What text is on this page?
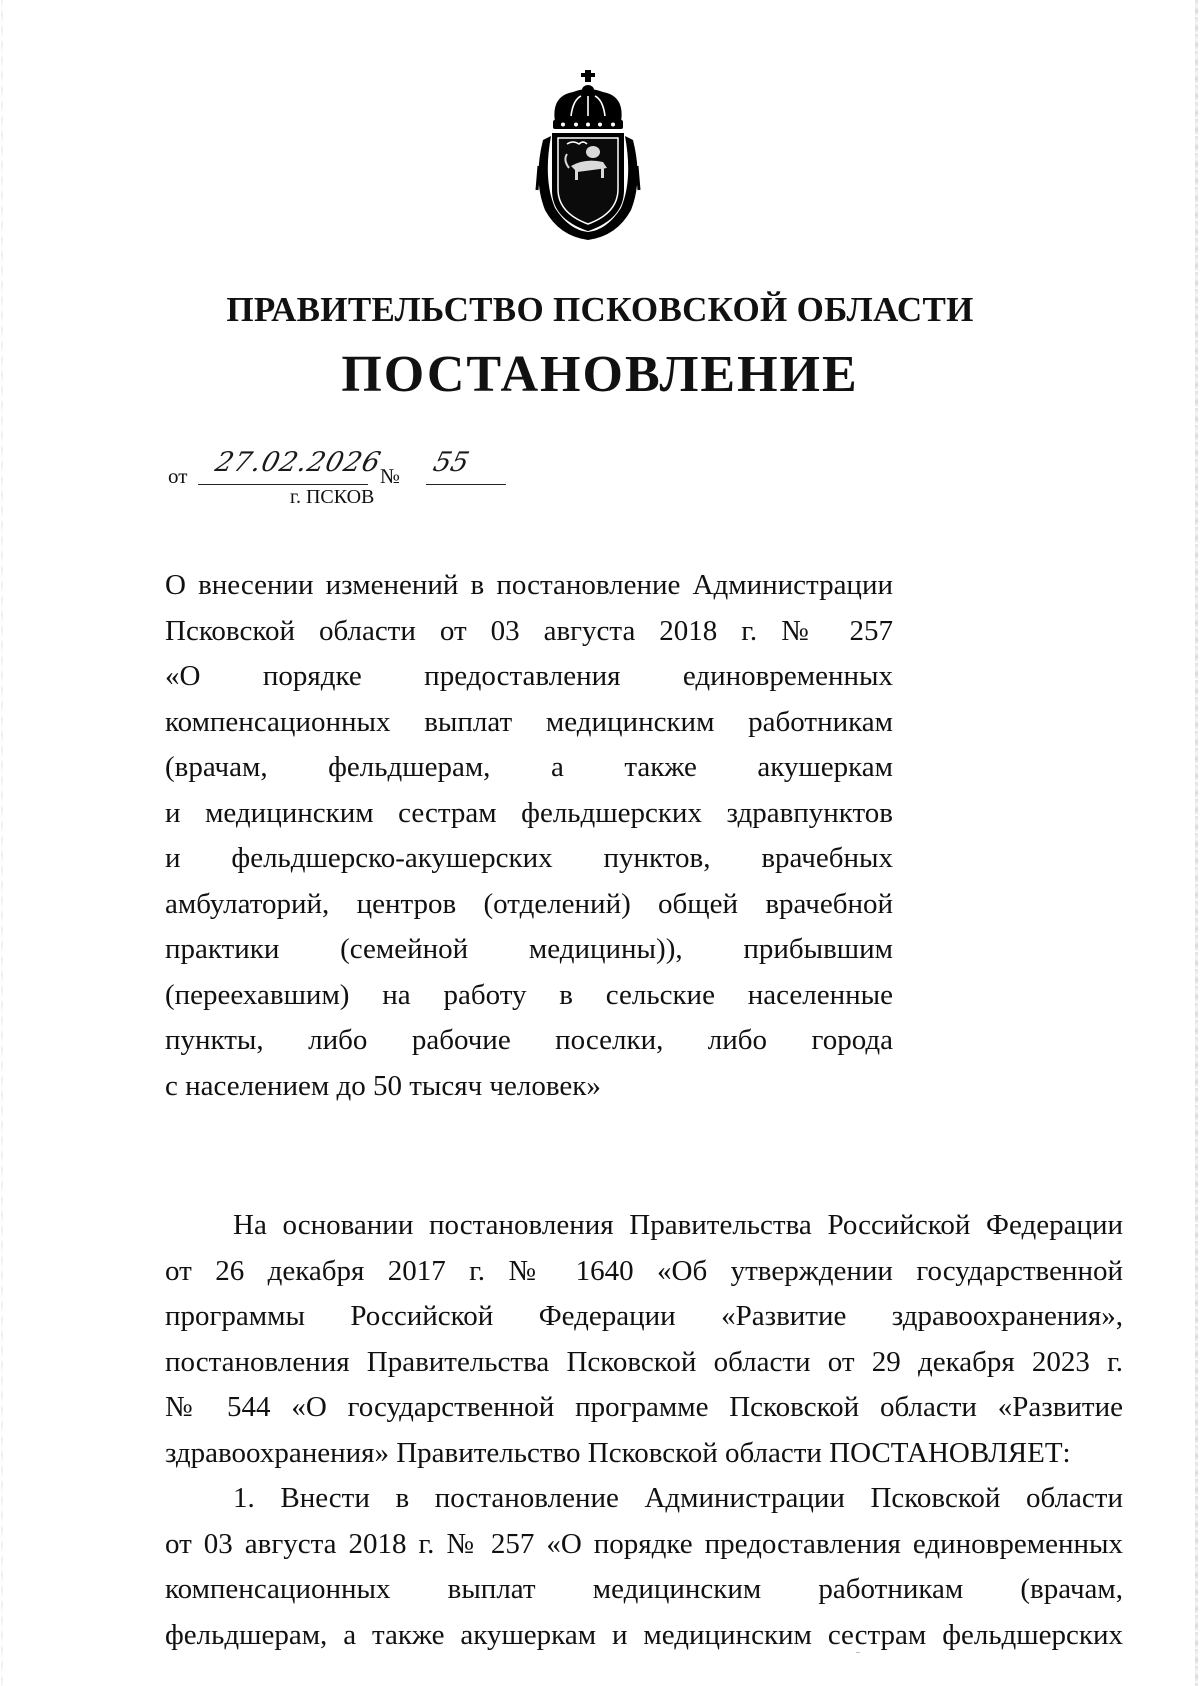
ПРАВИТЕЛЬСТВО ПСКОВСКОЙ ОБЛАСТИ
ПОСТАНОВЛЕНИЕ
от 27.02.2026
№ 55
г. ПСКОВ
О внесении изменений в постановление Администрации
Псковской области от 03 августа 2018 г. № 257
«О порядке предоставления единовременных
компенсационных выплат медицинским работникам
(врачам, фельдшерам, а также акушеркам
и медицинским сестрам фельдшерских здравпунктов
и фельдшерско-акушерских пунктов, врачебных
амбулаторий, центров (отделений) общей врачебной
практики (семейной медицины)), прибывшим
(переехавшим) на работу в сельские населенные
пункты, либо рабочие поселки, либо города
с населением до 50 тысяч человек»
На основании постановления Правительства Российской Федерации
от 26 декабря 2017 г. № 1640 «Об утверждении государственной
программы Российской Федерации «Развитие здравоохранения»,
постановления Правительства Псковской области от 29 декабря 2023 г.
№ 544 «О государственной программе Псковской области «Развитие
здравоохранения» Правительство Псковской области ПОСТАНОВЛЯЕТ:
1. Внести в постановление Администрации Псковской области
от 03 августа 2018 г. № 257 «О порядке предоставления единовременных
компенсационных выплат медицинским работникам (врачам,
фельдшерам, а также акушеркам и медицинским сестрам фельдшерских
